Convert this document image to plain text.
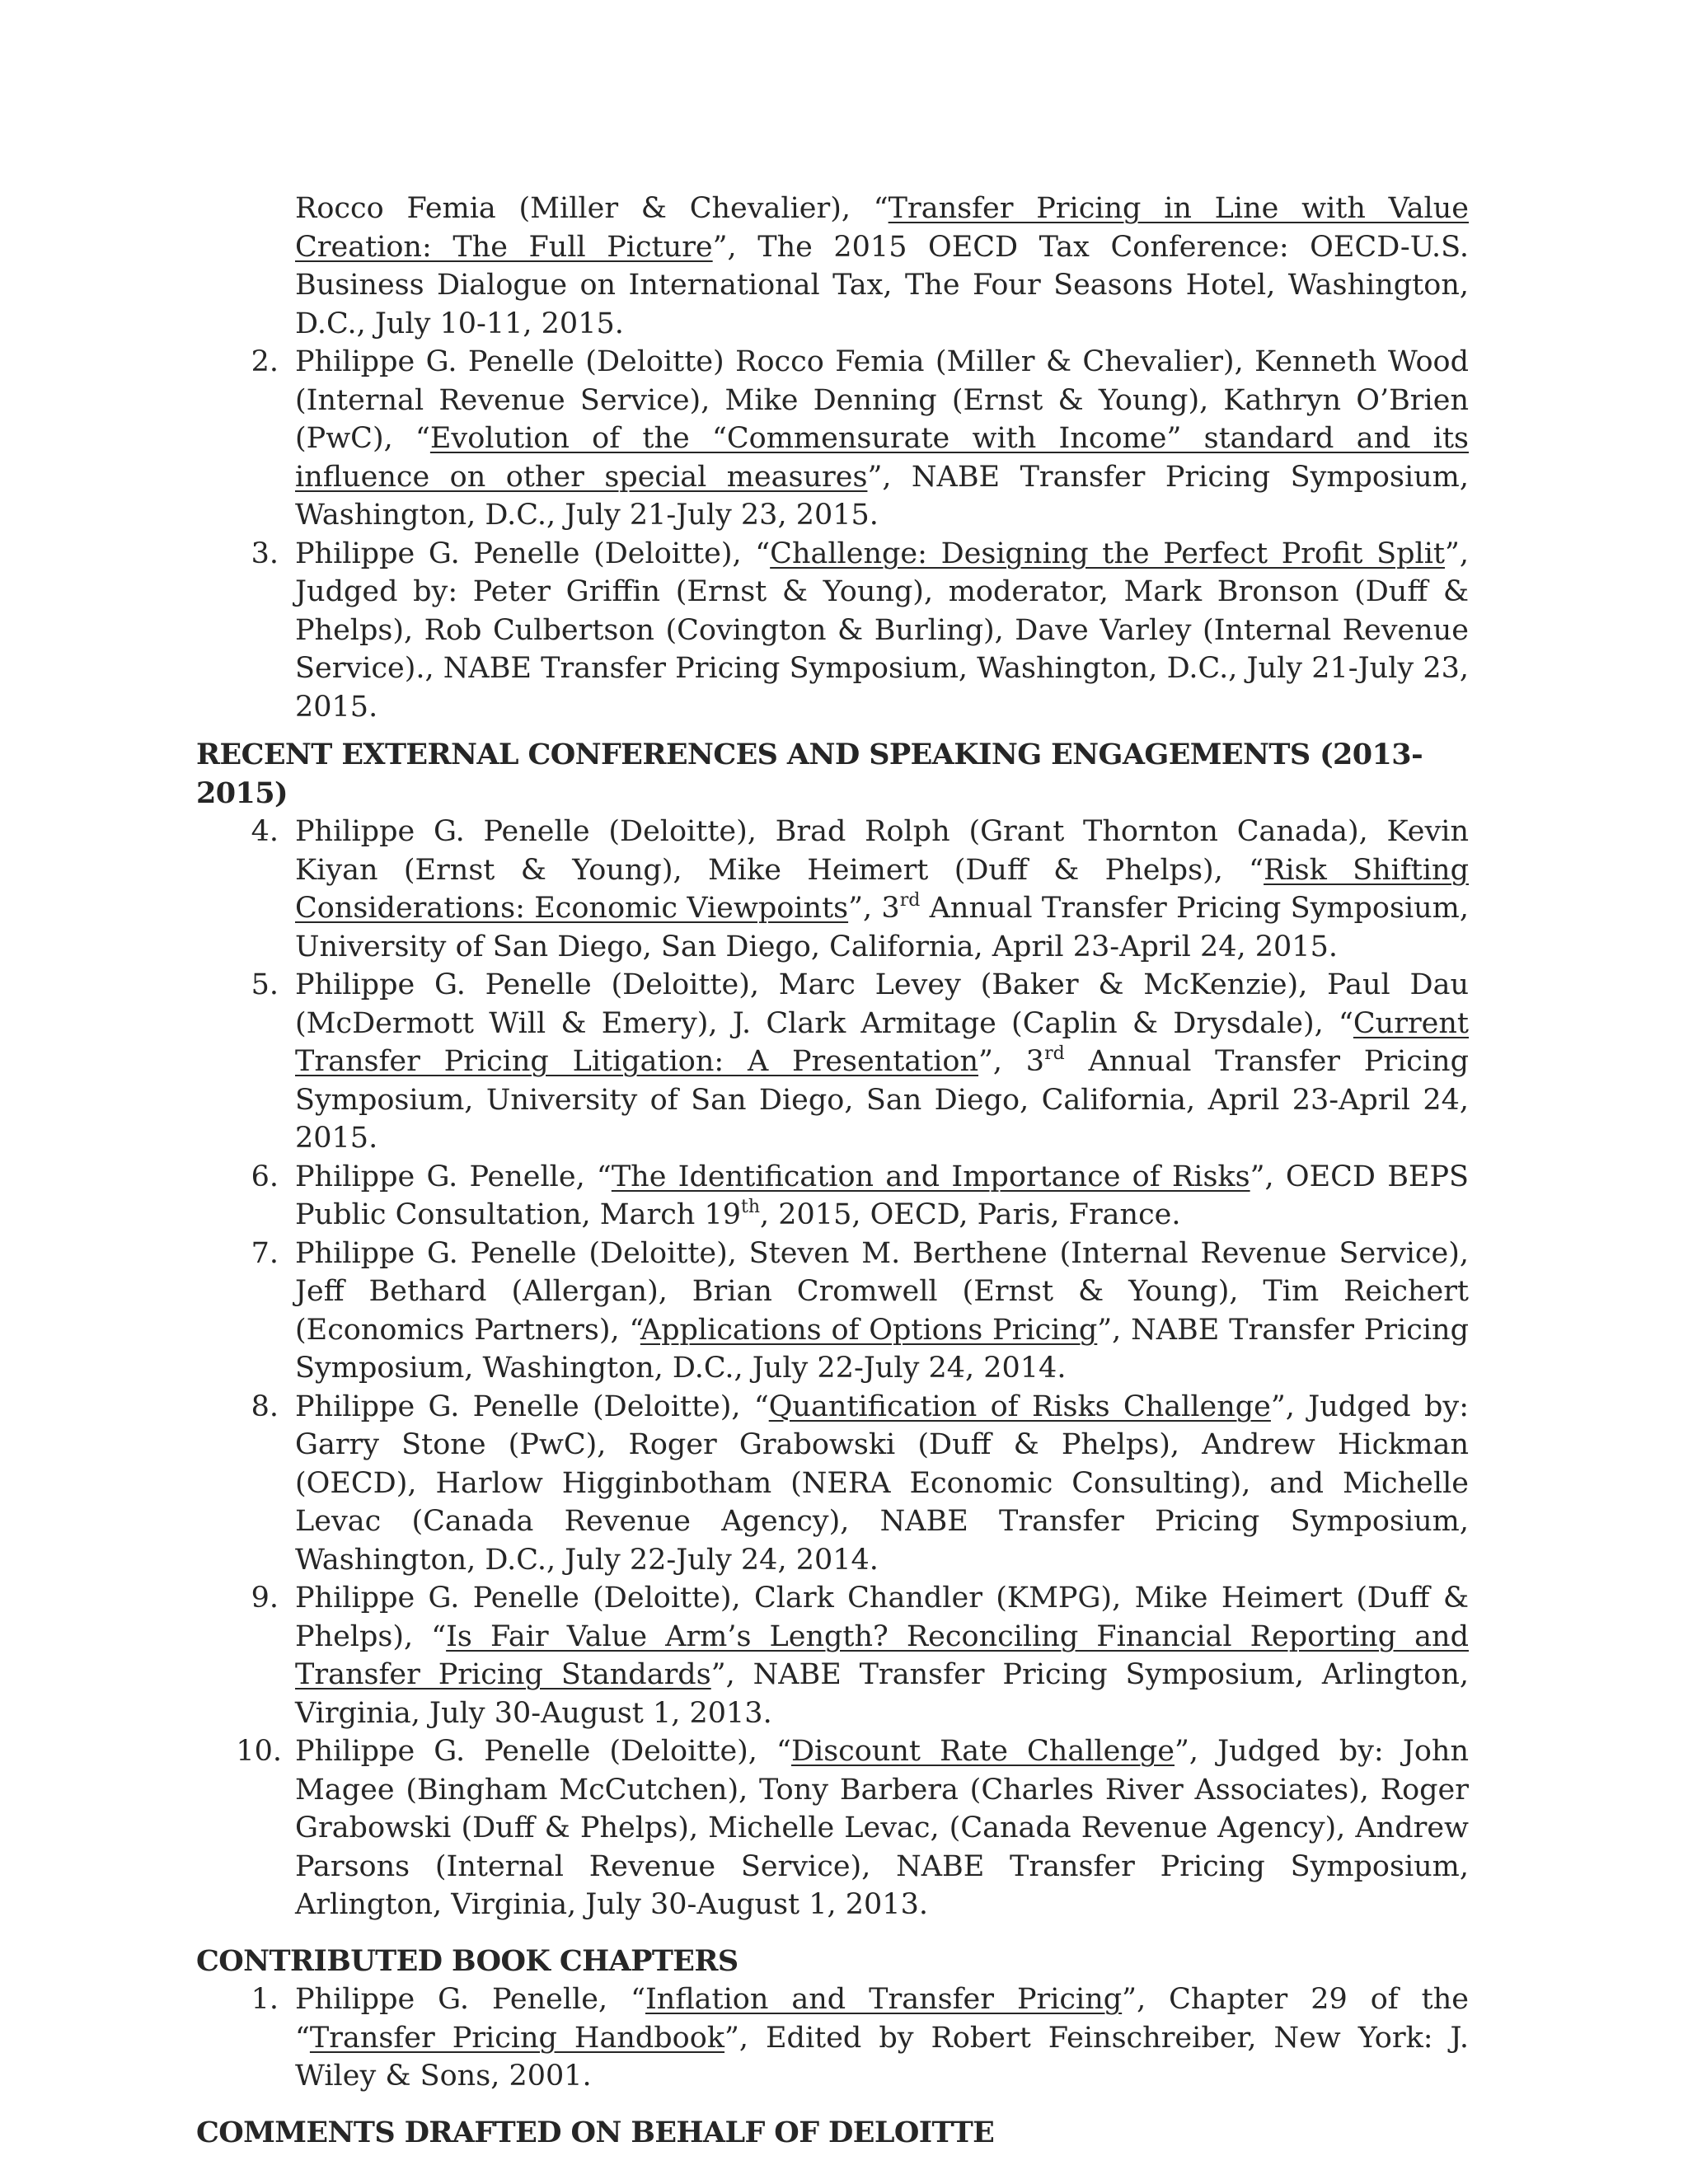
Rocco Femia (Miller & Chevalier), “Transfer Pricing in Line with Value Creation: The Full Picture”, The 2015 OECD Tax Conference: OECD-U.S. Business Dialogue on International Tax, The Four Seasons Hotel, Washington, D.C., July 10-11, 2015.
2. Philippe G. Penelle (Deloitte) Rocco Femia (Miller & Chevalier), Kenneth Wood (Internal Revenue Service), Mike Denning (Ernst & Young), Kathryn O’Brien (PwC), “Evolution of the “Commensurate with Income” standard and its influence on other special measures”, NABE Transfer Pricing Symposium, Washington, D.C., July 21-July 23, 2015.
3. Philippe G. Penelle (Deloitte), “Challenge: Designing the Perfect Profit Split”, Judged by: Peter Griffin (Ernst & Young), moderator, Mark Bronson (Duff & Phelps), Rob Culbertson (Covington & Burling), Dave Varley (Internal Revenue Service)., NABE Transfer Pricing Symposium, Washington, D.C., July 21-July 23, 2015.
RECENT EXTERNAL CONFERENCES AND SPEAKING ENGAGEMENTS (2013-2015)
4. Philippe G. Penelle (Deloitte), Brad Rolph (Grant Thornton Canada), Kevin Kiyan (Ernst & Young), Mike Heimert (Duff & Phelps), “Risk Shifting Considerations: Economic Viewpoints”, 3rd Annual Transfer Pricing Symposium, University of San Diego, San Diego, California, April 23-April 24, 2015.
5. Philippe G. Penelle (Deloitte), Marc Levey (Baker & McKenzie), Paul Dau (McDermott Will & Emery), J. Clark Armitage (Caplin & Drysdale), “Current Transfer Pricing Litigation: A Presentation”, 3rd Annual Transfer Pricing Symposium, University of San Diego, San Diego, California, April 23-April 24, 2015.
6. Philippe G. Penelle, “The Identification and Importance of Risks”, OECD BEPS Public Consultation, March 19th, 2015, OECD, Paris, France.
7. Philippe G. Penelle (Deloitte), Steven M. Berthene (Internal Revenue Service), Jeff Bethard (Allergan), Brian Cromwell (Ernst & Young), Tim Reichert (Economics Partners), “Applications of Options Pricing”, NABE Transfer Pricing Symposium, Washington, D.C., July 22-July 24, 2014.
8. Philippe G. Penelle (Deloitte), “Quantification of Risks Challenge”, Judged by: Garry Stone (PwC), Roger Grabowski (Duff & Phelps), Andrew Hickman (OECD), Harlow Higginbotham (NERA Economic Consulting), and Michelle Levac (Canada Revenue Agency), NABE Transfer Pricing Symposium, Washington, D.C., July 22-July 24, 2014.
9. Philippe G. Penelle (Deloitte), Clark Chandler (KMPG), Mike Heimert (Duff & Phelps), “Is Fair Value Arm’s Length? Reconciling Financial Reporting and Transfer Pricing Standards”, NABE Transfer Pricing Symposium, Arlington, Virginia, July 30-August 1, 2013.
10. Philippe G. Penelle (Deloitte), “Discount Rate Challenge”, Judged by: John Magee (Bingham McCutchen), Tony Barbera (Charles River Associates), Roger Grabowski (Duff & Phelps), Michelle Levac, (Canada Revenue Agency), Andrew Parsons (Internal Revenue Service), NABE Transfer Pricing Symposium, Arlington, Virginia, July 30-August 1, 2013.
CONTRIBUTED BOOK CHAPTERS
1. Philippe G. Penelle, “Inflation and Transfer Pricing”, Chapter 29 of the “Transfer Pricing Handbook”, Edited by Robert Feinschreiber, New York: J. Wiley & Sons, 2001.
COMMENTS DRAFTED ON BEHALF OF DELOITTE
